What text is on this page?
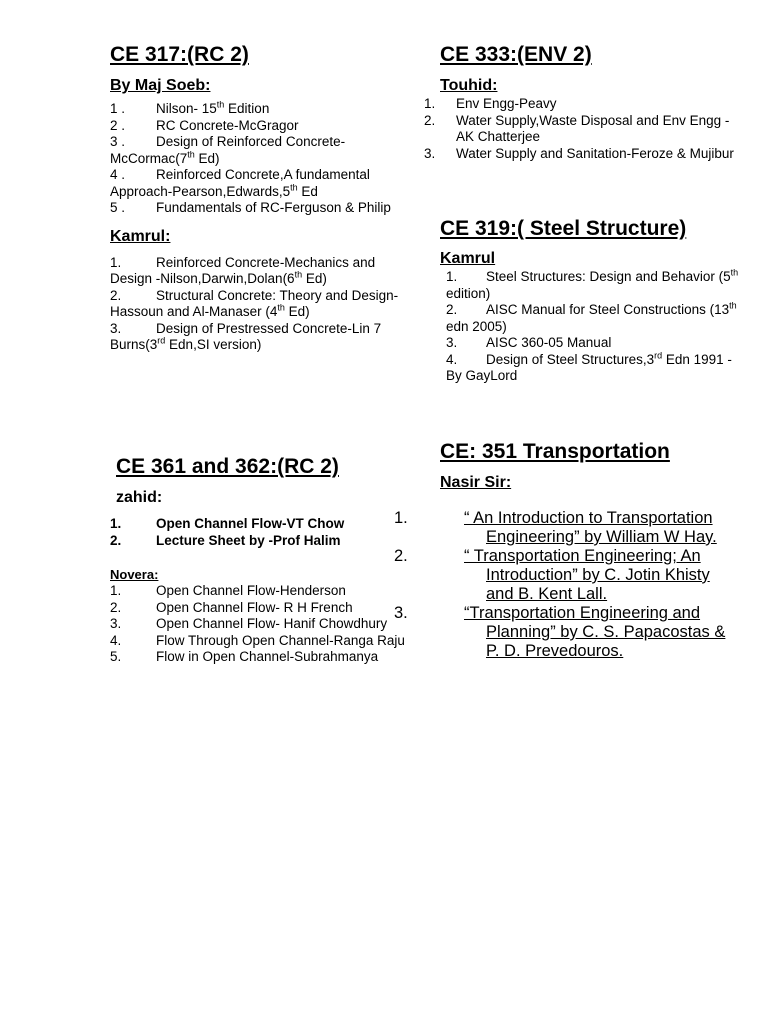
CE 317:(RC 2)
By Maj Soeb:
1 . Nilson- 15th Edition
2 . RC Concrete-McGragor
3 . Design of Reinforced Concrete-McCormac(7th Ed)
4 . Reinforced Concrete,A fundamental Approach-Pearson,Edwards,5th Ed
5 . Fundamentals of RC-Ferguson & Philip
Kamrul:
1.	Reinforced Concrete-Mechanics and Design -Nilson,Darwin,Dolan(6th Ed)
2.	Structural Concrete: Theory and Design- Hassoun and Al-Manaser (4th Ed)
3.	Design of Prestressed Concrete-Lin 7 Burns(3rd Edn,SI version)
CE 361 and 362:(RC 2)
zahid:
1.	Open Channel Flow-VT Chow
2.	Lecture Sheet by -Prof Halim
Novera:
1.	Open Channel Flow-Henderson
2.	Open Channel Flow- R H French
3.	Open Channel Flow- Hanif Chowdhury
4.	Flow Through Open Channel-Ranga Raju
5.	Flow in Open Channel-Subrahmanya
CE 333:(ENV 2)
Touhid:
1. Env Engg-Peavy
2. Water Supply,Waste Disposal and Env Engg -AK Chatterjee
3. Water Supply and Sanitation-Feroze & Mujibur
CE 319:( Steel Structure)
Kamrul
1. Steel Structures: Design and Behavior (5th edition)
2. AISC Manual for Steel Constructions (13th edn 2005)
3. AISC 360-05 Manual
4. Design of Steel Structures,3rd Edn 1991 -By GayLord
CE: 351 Transportation
Nasir Sir:
1.	“ An Introduction to Transportation Engineering” by William W Hay.
2.	“ Transportation Engineering; An Introduction” by C. Jotin Khisty and B. Kent Lall.
3.	“Transportation Engineering and Planning” by C. S. Papacostas & P. D. Prevedouros.
